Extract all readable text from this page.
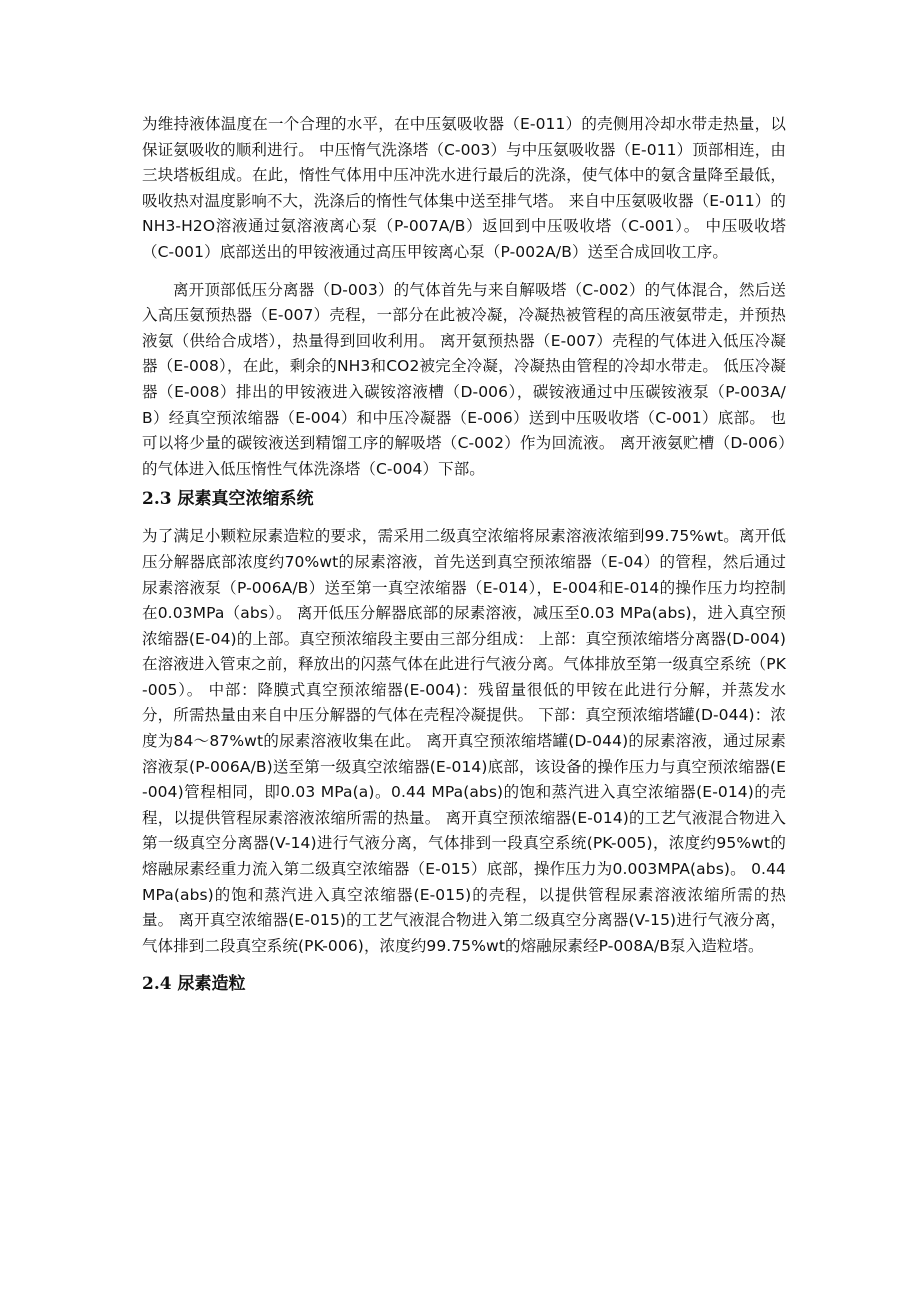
为维持液体温度在一个合理的水平，在中压氨吸收器（E-011）的壳侧用冷却水带走热量，以保证氨吸收的顺利进行。 中压惰气洗涤塔（C-003）与中压氨吸收器（E-011）顶部相连，由三块塔板组成。在此，惰性气体用中压冲洗水进行最后的洗涤，使气体中的氨含量降至最低，吸收热对温度影响不大，洗涤后的惰性气体集中送至排气塔。 来自中压氨吸收器（E-011）的NH3-H2O溶液通过氨溶液离心泵（P-007A/B）返回到中压吸收塔（C-001）。 中压吸收塔（C-001）底部送出的甲铵液通过高压甲铵离心泵（P-002A/B）送至合成回收工序。

离开顶部低压分离器（D-003）的气体首先与来自解吸塔（C-002）的气体混合，然后送入高压氨预热器（E-007）壳程，一部分在此被冷凝，冷凝热被管程的高压液氨带走，并预热液氨（供给合成塔），热量得到回收利用。 离开氨预热器（E-007）壳程的气体进入低压冷凝器（E-008），在此，剩余的NH3和CO2被完全冷凝，冷凝热由管程的冷却水带走。 低压冷凝器（E-008）排出的甲铵液进入碳铵溶液槽（D-006），碳铵液通过中压碳铵液泵（P-003A/B）经真空预浓缩器（E-004）和中压冷凝器（E-006）送到中压吸收塔（C-001）底部。 也可以将少量的碳铵液送到精馏工序的解吸塔（C-002）作为回流液。 离开液氨贮槽（D-006）的气体进入低压惰性气体洗涤塔（C-004）下部。

2.3 尿素真空浓缩系统

为了满足小颗粒尿素造粒的要求，需采用二级真空浓缩将尿素溶液浓缩到99.75%wt。离开低压分解器底部浓度约70%wt的尿素溶液，首先送到真空预浓缩器（E-04）的管程，然后通过尿素溶液泵（P-006A/B）送至第一真空浓缩器（E-014），E-004和E-014的操作压力均控制在0.03MPa（abs）。 离开低压分解器底部的尿素溶液，减压至0.03 MPa(abs)，进入真空预浓缩器(E-04)的上部。真空预浓缩段主要由三部分组成： 上部：真空预浓缩塔分离器(D-004)在溶液进入管束之前，释放出的闪蒸气体在此进行气液分离。气体排放至第一级真空系统（PK-005）。 中部：降膜式真空预浓缩器(E-004)：残留量很低的甲铵在此进行分解，并蒸发水分，所需热量由来自中压分解器的气体在壳程冷凝提供。 下部：真空预浓缩塔罐(D-044)：浓度为84～87%wt的尿素溶液收集在此。 离开真空预浓缩塔罐(D-044)的尿素溶液，通过尿素溶液泵(P-006A/B)送至第一级真空浓缩器(E-014)底部，该设备的操作压力与真空预浓缩器(E-004)管程相同，即0.03 MPa(a)。0.44 MPa(abs)的饱和蒸汽进入真空浓缩器(E-014)的壳程，以提供管程尿素溶液浓缩所需的热量。 离开真空预浓缩器(E-014)的工艺气液混合物进入第一级真空分离器(V-14)进行气液分离，气体排到一段真空系统(PK-005)，浓度约95%wt的熔融尿素经重力流入第二级真空浓缩器（E-015）底部，操作压力为0.003MPA(abs)。 0.44 MPa(abs)的饱和蒸汽进入真空浓缩器(E-015)的壳程，以提供管程尿素溶液浓缩所需的热量。 离开真空浓缩器(E-015)的工艺气液混合物进入第二级真空分离器(V-15)进行气液分离，气体排到二段真空系统(PK-006)，浓度约99.75%wt的熔融尿素经P-008A/B泵入造粒塔。

2.4 尿素造粒
